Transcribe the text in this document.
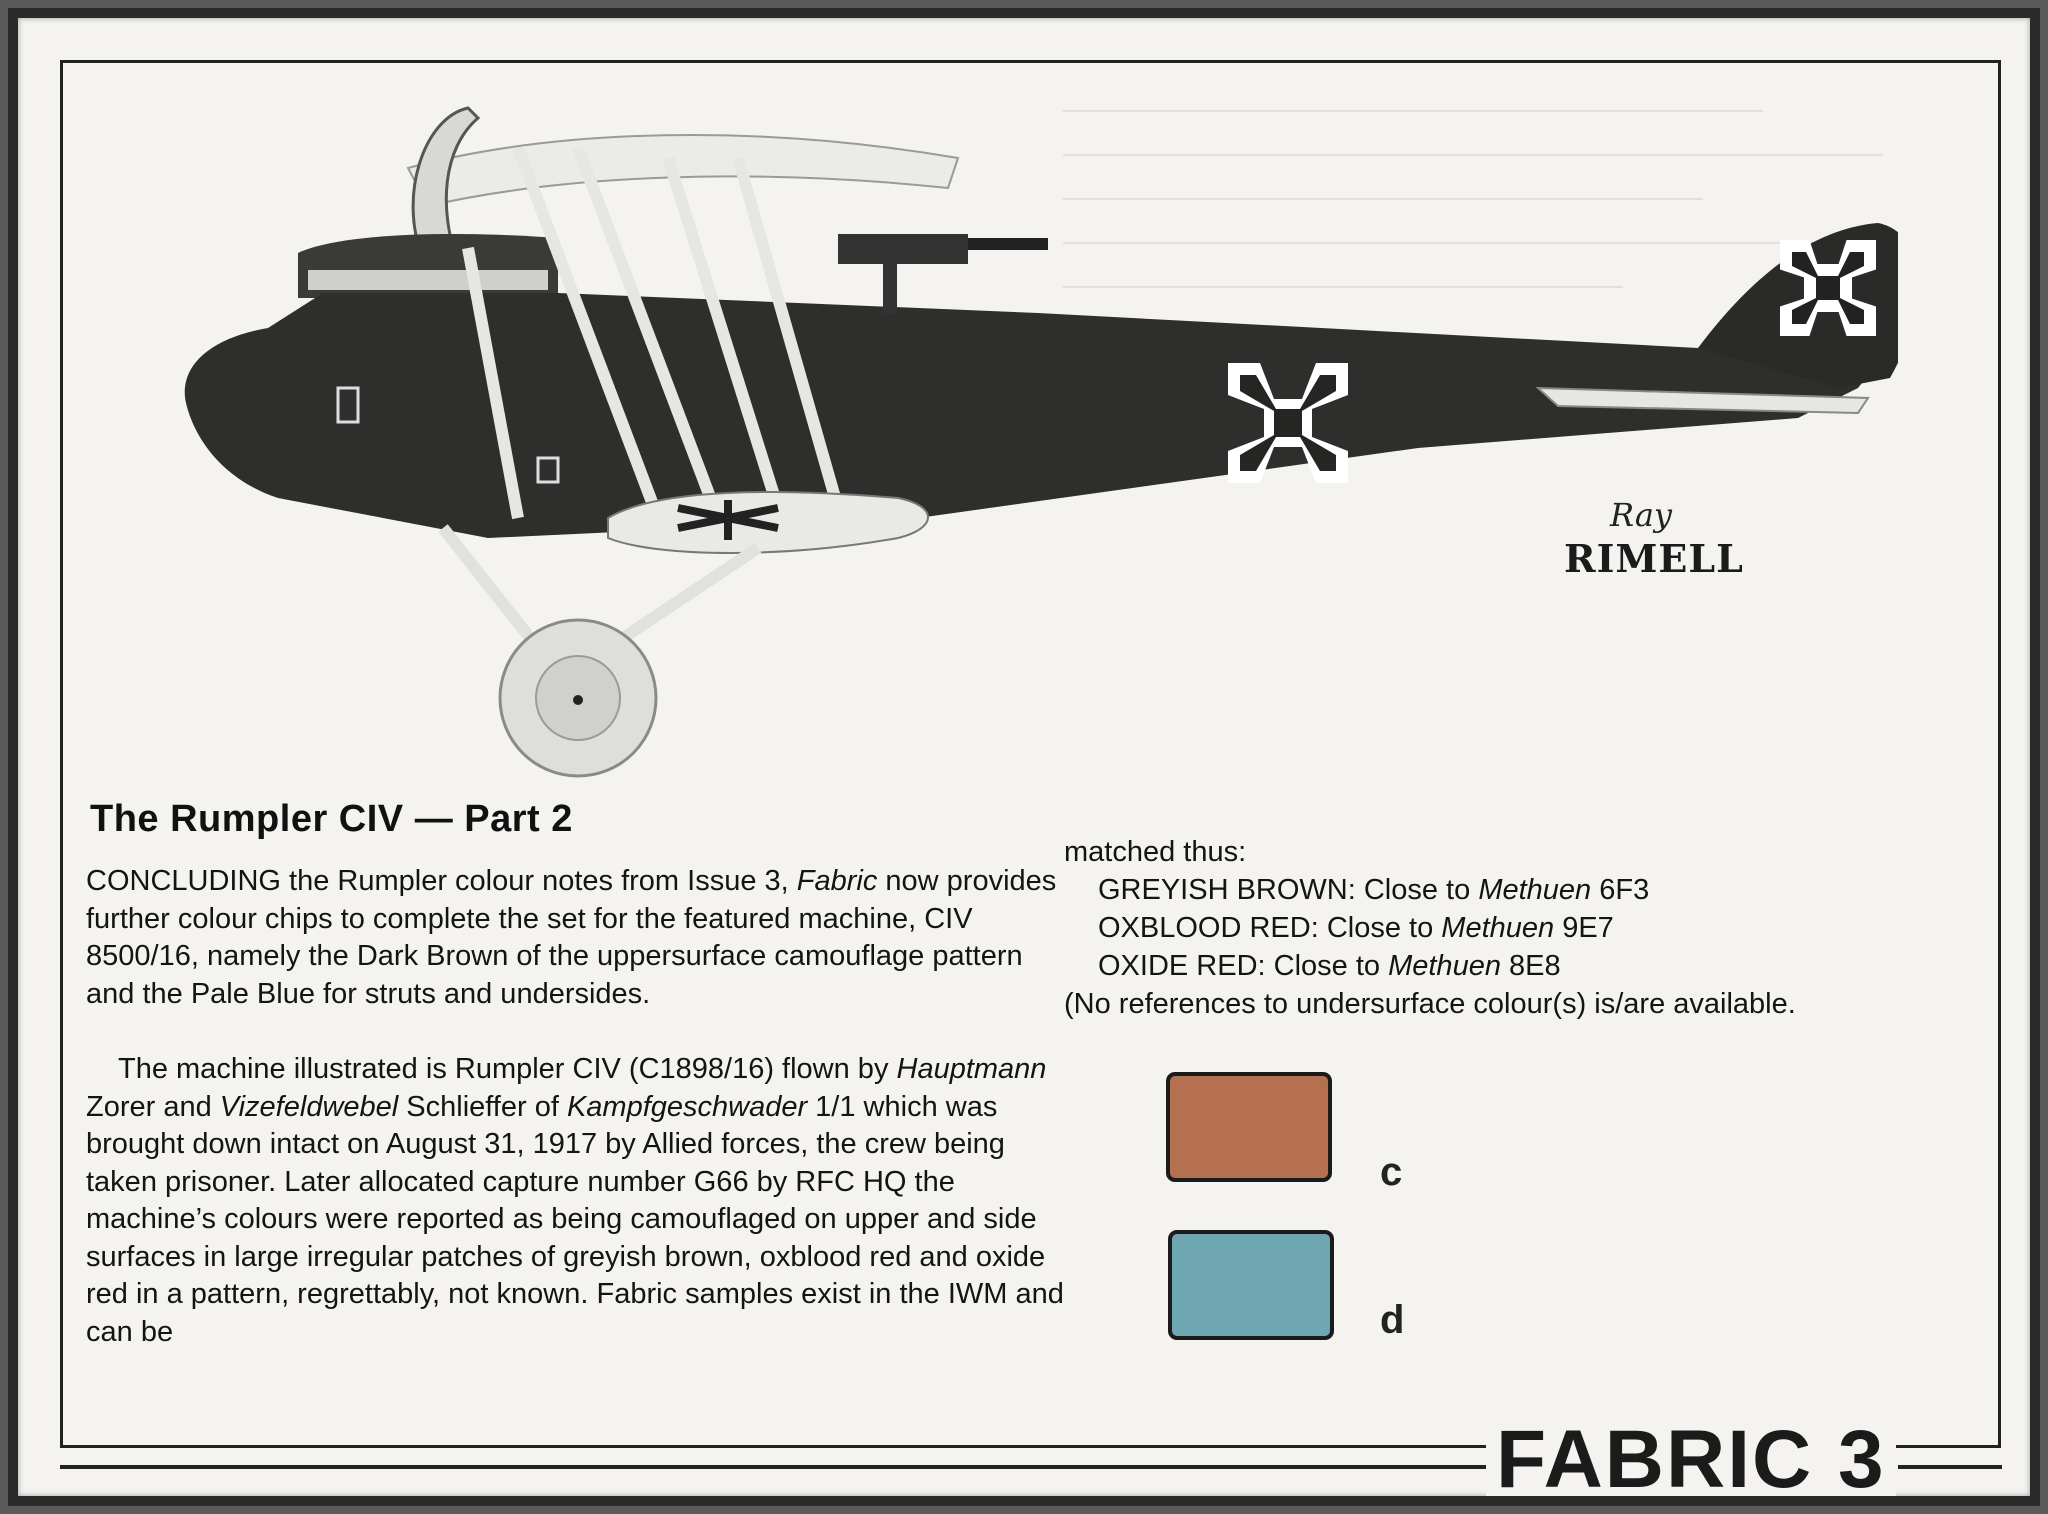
Ray
RIMELL
The Rumpler CIV — Part 2

CONCLUDING the Rumpler colour notes from Issue 3, Fabric now provides further colour chips to complete the set for the featured machine, CIV 8500/16, namely the Dark Brown of the uppersurface camouflage pattern and the Pale Blue for struts and undersides.

The machine illustrated is Rumpler CIV (C1898/16) flown by Hauptmann Zorer and Vizefeldwebel Schlieffer of Kampfgeschwader 1/1 which was brought down intact on August 31, 1917 by Allied forces, the crew being taken prisoner. Later allocated capture number G66 by RFC HQ the machine’s colours were reported as being camouflaged on upper and side surfaces in large irregular patches of greyish brown, oxblood red and oxide red in a pattern, regrettably, not known. Fabric samples exist in the IWM and can be

matched thus:
GREYISH BROWN: Close to Methuen 6F3
OXBLOOD RED: Close to Methuen 9E7
OXIDE RED: Close to Methuen 8E8
(No references to undersurface colour(s) is/are available.
c
d
FABRIC 3
